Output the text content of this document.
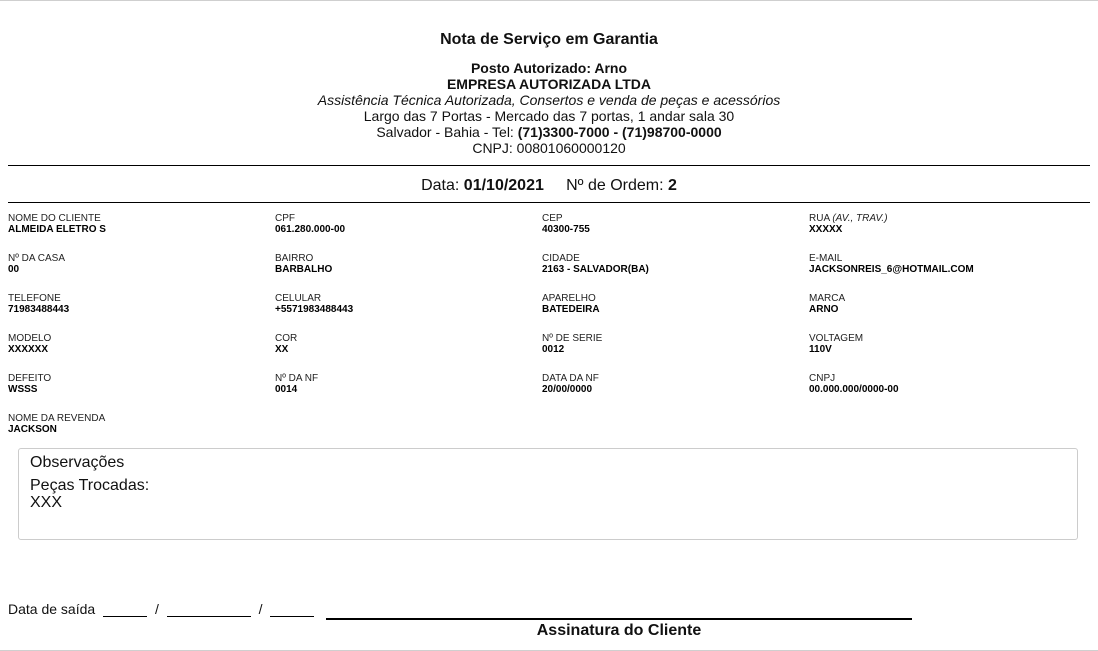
Nota de Serviço em Garantia
Posto Autorizado: Arno
EMPRESA AUTORIZADA LTDA
Assistência Técnica Autorizada, Consertos e venda de peças e acessórios
Largo das 7 Portas - Mercado das 7 portas, 1 andar sala 30
Salvador - Bahia - Tel: (71)3300-7000 - (71)98700-0000
CNPJ: 00801060000120
Data: 01/10/2021 Nº de Ordem: 2
NOME DO CLIENTE
ALMEIDA ELETRO S
CPF
061.280.000-00
CEP
40300-755
RUA (AV., TRAV.)
XXXXX
Nº DA CASA
00
BAIRRO
BARBALHO
CIDADE
2163 - SALVADOR(BA)
E-MAIL
JACKSONREIS_6@HOTMAIL.COM
TELEFONE
71983488443
CELULAR
+5571983488443
APARELHO
BATEDEIRA
MARCA
ARNO
MODELO
XXXXXX
COR
XX
Nº DE SERIE
0012
VOLTAGEM
110V
DEFEITO
WSSS
Nº DA NF
0014
DATA DA NF
20/00/0000
CNPJ
00.000.000/0000-00
NOME DA REVENDA
JACKSON
Observações
Peças Trocadas:
XXX
Data de saída	/	/
Assinatura do Cliente
